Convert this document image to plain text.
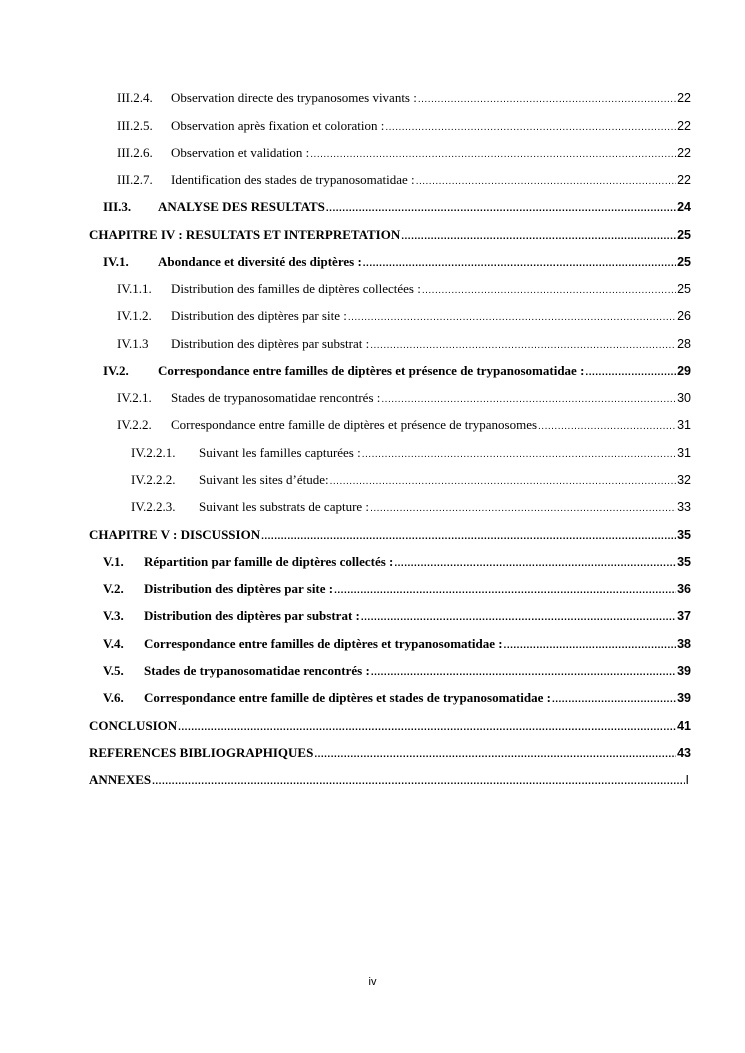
III.2.4.	Observation directe des trypanosomes vivants : .....	22
III.2.5.	Observation après fixation et coloration : .....	22
III.2.6.	Observation et validation : .....	22
III.2.7.	Identification des stades de trypanosomatidae : .....	22
III.3.	ANALYSE DES RESULTATS .....	24
CHAPITRE IV : RESULTATS ET INTERPRETATION .....	25
IV.1.	Abondance et diversité des diptères : .....	25
IV.1.1.	Distribution des familles de diptères collectées : .....	25
IV.1.2.	Distribution des diptères par site : .....	26
IV.1.3	Distribution des diptères par substrat : .....	28
IV.2.	Correspondance entre familles de diptères et présence de trypanosomatidae : .....	29
IV.2.1.	Stades de trypanosomatidae rencontrés : .....	30
IV.2.2.	Correspondance entre famille de diptères et présence de trypanosomes .....	31
IV.2.2.1.	Suivant les familles capturées : .....	31
IV.2.2.2.	Suivant les sites d’étude: .....	32
IV.2.2.3.	Suivant les substrats de capture : .....	33
CHAPITRE V : DISCUSSION .....	35
V.1.	Répartition par famille de diptères collectés : .....	35
V.2.	Distribution des diptères par site : .....	36
V.3.	Distribution des diptères par substrat : .....	37
V.4.	Correspondance entre familles de diptères et trypanosomatidae : .....	38
V.5.	Stades de trypanosomatidae rencontrés : .....	39
V.6.	Correspondance entre famille de diptères et stades de trypanosomatidae : .....	39
CONCLUSION .....	41
REFERENCES BIBLIOGRAPHIQUES .....	43
ANNEXES .....	I
iv
